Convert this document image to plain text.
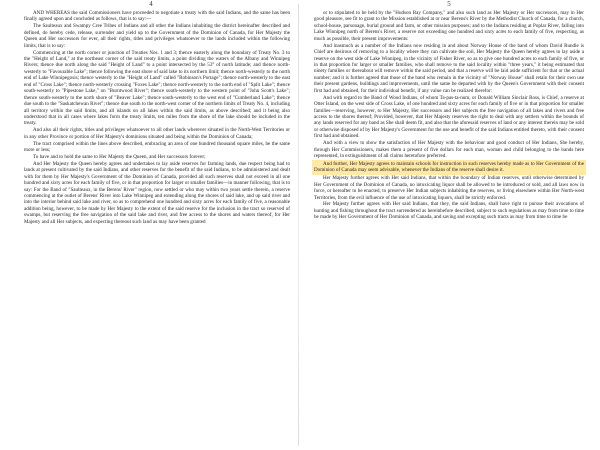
4

AND WHEREAS the said Commissioners have proceeded to negotiate a treaty with the said Indians, and the same has been finally agreed upon and concluded as follows, that is to say:—

The Saulteaux and Swampy Cree Tribes of Indians and all other the Indians inhabiting the district hereinafter described and defined, do hereby cede, release, surrender and yield up to the Government of the Dominion of Canada, for Her Majesty the Queen and Her successors for ever, all their rights, titles and privileges whatsoever to the lands included within the following limits, that is to say:

Commencing at the north corner or junction of Treaties Nos. 1 and 3; thence easterly along the boundary of Treaty No. 3 to the "Height of Land," at the northeast corner of the said treaty limits, a point dividing the waters of the Albany and Winnipeg Rivers; thence due north along the said "Height of Land" to a point intersected by the 53° of north latitude; and thence north-westerly to "Favourable Lake"; thence following the east shore of said lake to its northern limit; thence north-westerly to the north end of Lake Winnipegosis; thence westerly to the "Height of Land" called "Robinson's Portage"; thence north-westerly to the east end of "Cross Lake"; thence north-westerly crossing "Foxes Lake"; thence north-westerly to the north end of "Split Lake"; thence south-westerly to "Pipestone Lake," on "Burntwood River"; thence south-westerly to the western point of "John Scott's Lake"; thence south-westerly to the north shore of "Beaver Lake"; thence south-westerly to the west end of "Cumberland Lake"; thence due south to the "Saskatchewan River"; thence due south to the north-west corner of the northern limits of Treaty No. 4, including all territory within the said limits, and all islands on all lakes within the said limits, as above described; and it being also understood that in all cases where lakes form the treaty limits, ten miles from the shore of the lake should be included in the treaty.

And also all their rights, titles and privileges whatsoever to all other lands wherever situated in the North-West Territories or in any other Province or portion of Her Majesty's dominions situated and being within the Dominion of Canada;

The tract comprised within the lines above described, embracing an area of one hundred thousand square miles, be the same more or less;

To have and to hold the same to Her Majesty the Queen, and Her successors forever;

And Her Majesty the Queen hereby agrees and undertakes to lay aside reserves for farming lands, due respect being had to lands at present cultivated by the said Indians, and other reserves for the benefit of the said Indians, to be administered and dealt with for them by Her Majesty's Government of the Dominion of Canada, provided all such reserves shall not exceed in all one hundred and sixty acres for each family of five, or in that proportion for larger or smaller families—in manner following, that is to say: For the Band of "Saulteaux, in the Berens' River" region, now settled or who may within two years settle therein, a reserve commencing at the outlet of Berens' River into Lake Winnipeg and extending along the shores of said lake, and up said river and into the interior behind said lake and river, so as to comprehend one hundred and sixty acres for each family of five, a reasonable addition being, however, to be made by Her Majesty to the extent of the said reserve for the inclusion in the tract so reserved of swamps, but reserving the free navigation of the said lake and river, and free access to the shores and waters thereof, for Her Majesty and all Her subjects, and expecting thereout such land as may have been granted

5

or to stipulated to be held by the "Hudson Bay Company," and also such land as Her Majesty or Her successors, may in Her good pleasure, see fit to grant to the Mission established at or near Berens's River by the Methodist Church of Canada, for a church, school-house, parsonage, burial ground and farm, or other mission purposes; and to the Indians residing at Poplar River, falling into Lake Winnipeg north of Berens's River, a reserve not exceeding one hundred and sixty acres to each family of five, respecting, as much as possible, their present improvements:

And inasmuch as a number of the Indians now residing in and about Norway House of the band of whom David Rundle is Chief are desirous of removing to a locality where they can cultivate the soil, Her Majesty the Queen hereby agrees to lay aside a reserve on the west side of Lake Winnipeg, in the vicinity of Fisher River, so as to give one hundred acres to each family of five, or in that proportion for larger or smaller families, who shall remove to the said locality within "three years," it being estimated that ninety families or thereabout will remove within the said period, and that a reserve will be laid aside sufficient for that or the actual number; and it is further agreed that those of the band who remain in the vicinity of "Norway House" shall retain for their own use their present gardens, buildings and improvements, until the same be departed with by the Queen's Government with their consent first had and obtained, for their individual benefit, if any value can be realized therefor:

And with regard to the Band of Wood Indians, of whom Ta-pas-ta-num, or Donald William Sinclair Ross, is Chief, a reserve at Otter Island, on the west side of Cross Lake, of one hundred and sixty acres for each family of five or in that proportion for smaller families—reserving, however, to Her Majesty, Her successors and Her subjects the free navigation of all lakes and rivers and free access to the shores thereof; Provided, however, that Her Majesty reserves the right to deal with any settlers within the bounds of any lands reserved for any band as She shall deem fit, and also that the aforesaid reserves of land or any interest therein may be sold or otherwise disposed of by Her Majesty's Government for the use and benefit of the said Indians entitled thereto, with their consent first had and obtained.

And with a view to show the satisfaction of Her Majesty with the behaviour and good conduct of Her Indians, She hereby, through Her Commissioners, makes them a present of five dollars for each man, woman and child belonging to the bands here represented, in extinguishment of all claims heretofore preferred.

And further, Her Majesty agrees to maintain schools for instruction in such reserves hereby made as to Her Government of the Dominion of Canada may seem advisable, whenever the Indians of the reserve shall desire it.

Her Majesty further agrees with Her said Indians, that within the boundary of Indian reserves, until otherwise determined by Her Government of the Dominion of Canada, no intoxicating liquor shall be allowed to be introduced or sold, and all laws now in force, or hereafter to be enacted, to preserve Her Indian subjects inhabiting the reserves, or living elsewhere within Her North-west Territories, from the evil influence of the use of intoxicating liquors, shall be strictly enforced.

Her Majesty further agrees with Her said Indians, that they, the said Indians, shall have right to pursue their avocations of hunting and fishing throughout the tract surrendered as hereinbefore described, subject to such regulations as may from time to time be made by Her Government of Her Dominion of Canada, and saving and excepting such tracts as may from time to time be
